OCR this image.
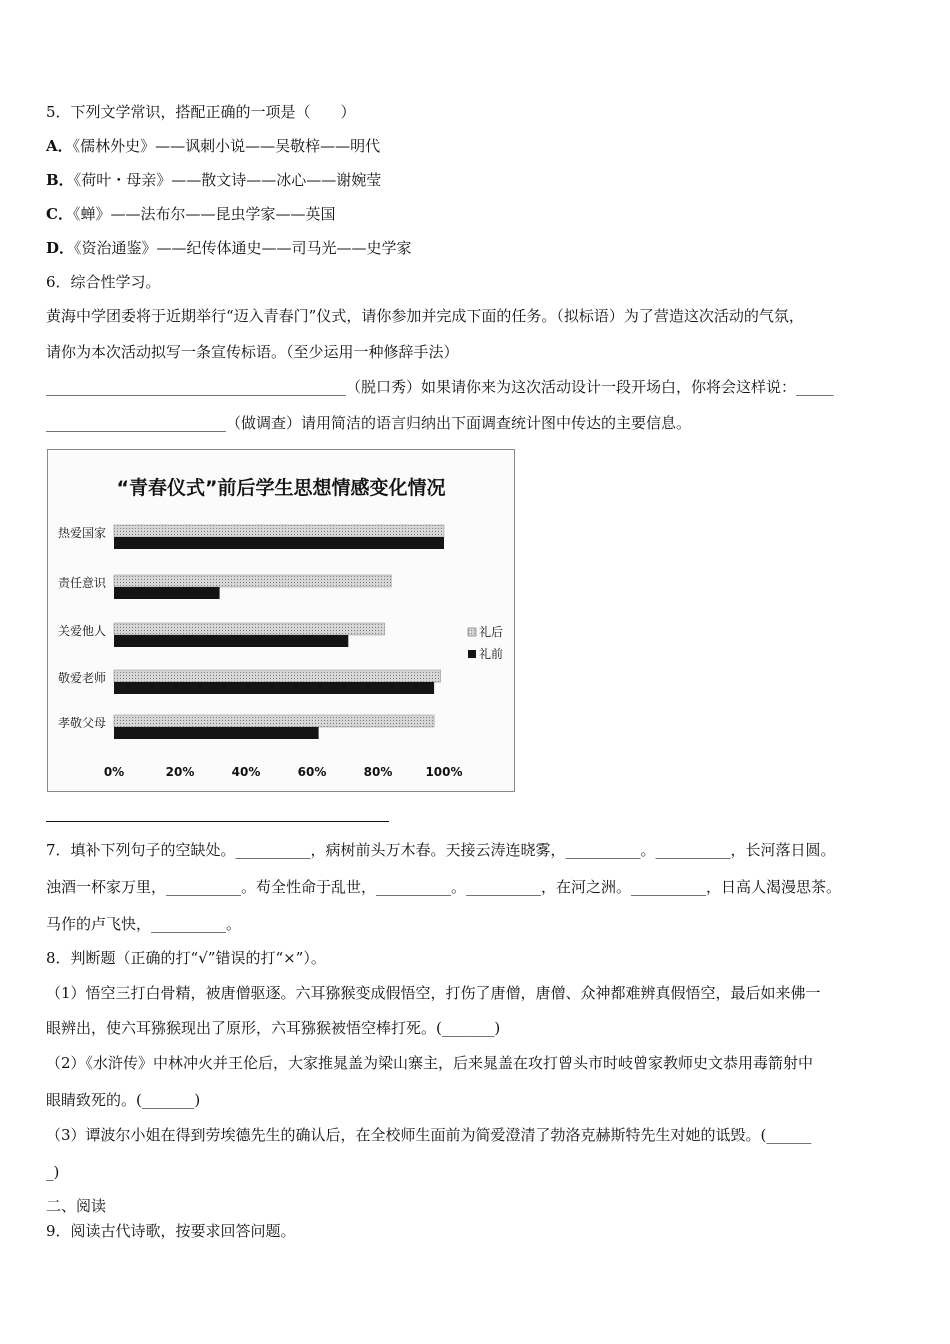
5．下列文学常识，搭配正确的一项是（　　）
A．《儒林外史》——讽刺小说——吴敬梓——明代
B．《荷叶・母亲》——散文诗——冰心——谢婉莹
C．《蝉》——法布尔——昆虫学家——英国
D．《资治通鉴》——纪传体通史——司马光——史学家
6．综合性学习。
黄海中学团委将于近期举行“迈入青春门”仪式，请你参加并完成下面的任务。（拟标语）为了营造这次活动的气氛，
请你为本次活动拟写一条宣传标语。（至少运用一种修辞手法）
________________________________________（脱口秀）如果请你来为这次活动设计一段开场白，你将会这样说：_____
________________________（做调查）请用简洁的语言归纳出下面调查统计图中传达的主要信息。
“青春仪式”前后学生思想情感变化情况
热爱国家
责任意识
关爱他人
敬爱老师
孝敬父母
0%	20%	40%	60%	80%	100%
礼后
礼前
7．填补下列句子的空缺处。__________，病树前头万木春。天接云涛连晓雾，__________。__________，长河落日圆。
浊酒一杯家万里，__________。苟全性命于乱世，__________。__________，在河之洲。__________，日高人渴漫思茶。
马作的卢飞快，__________。
8．判断题（正确的打“√”错误的打“×”）。
（1）悟空三打白骨精，被唐僧驱逐。六耳猕猴变成假悟空，打伤了唐僧，唐僧、众神都难辨真假悟空，最后如来佛一
眼辨出，使六耳猕猴现出了原形，六耳猕猴被悟空棒打死。(_______)
（2）《水浒传》中林冲火并王伦后，大家推晁盖为梁山寨主，后来晁盖在攻打曾头市时岐曾家教师史文恭用毒箭射中
眼睛致死的。(_______)
（3）谭波尔小姐在得到劳埃德先生的确认后，在全校师生面前为简爱澄清了勃洛克赫斯特先生对她的诋毁。(______
_)
二、阅读
9．阅读古代诗歌，按要求回答问题。
